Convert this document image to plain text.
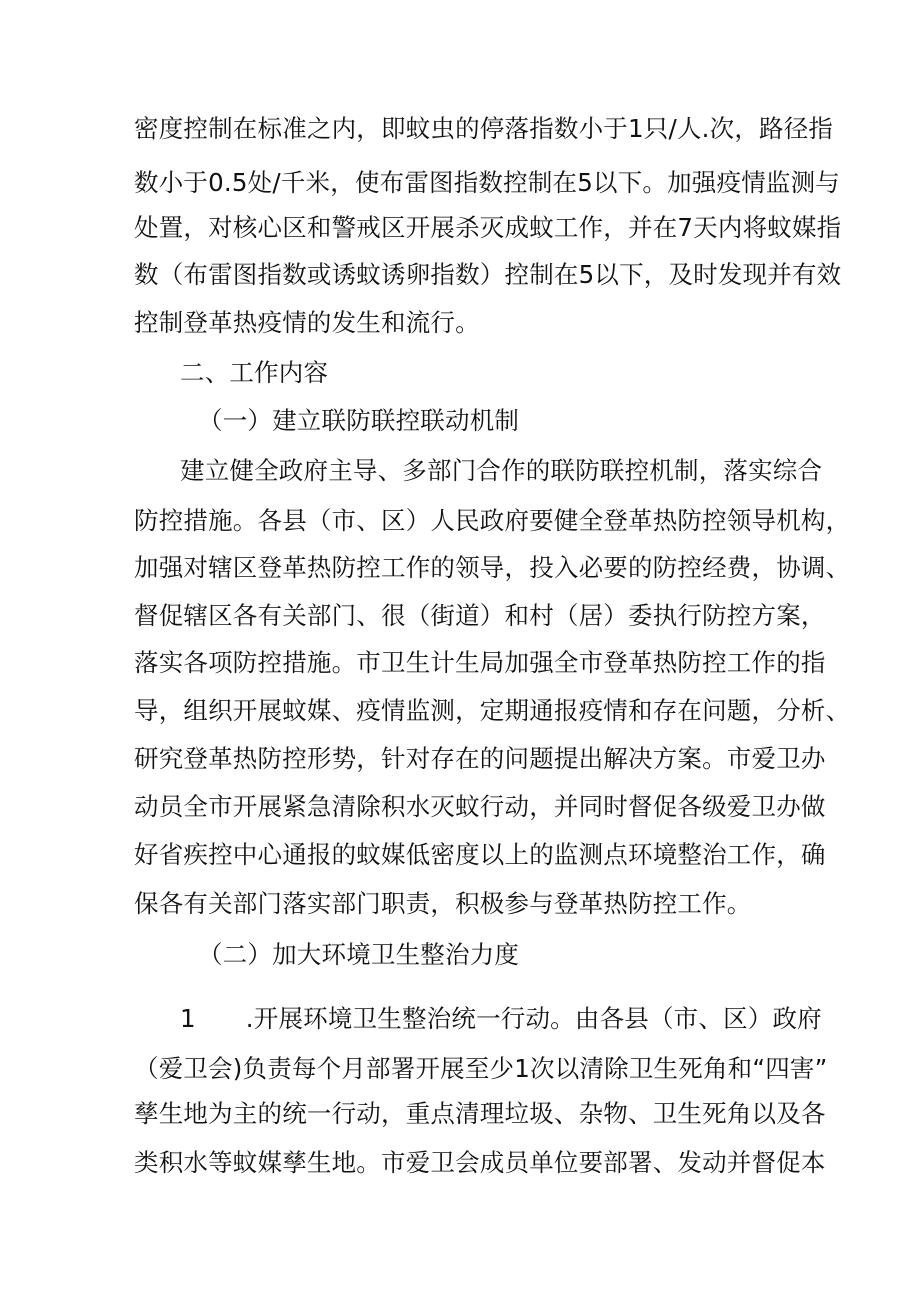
密度控制在标准之内，即蚊虫的停落指数小于1只/人.次，路径指
数小于0.5处/千米，使布雷图指数控制在5以下。加强疫情监测与
处置，对核心区和警戒区开展杀灭成蚊工作，并在7天内将蚊媒指
数（布雷图指数或诱蚊诱卵指数）控制在5以下，及时发现并有效
控制登革热疫情的发生和流行。
二、工作内容
（一）建立联防联控联动机制
建立健全政府主导、多部门合作的联防联控机制，落实综合
防控措施。各县（市、区）人民政府要健全登革热防控领导机构，
加强对辖区登革热防控工作的领导，投入必要的防控经费，协调、
督促辖区各有关部门、很（街道）和村（居）委执行防控方案，
落实各项防控措施。市卫生计生局加强全市登革热防控工作的指
导，组织开展蚊媒、疫情监测，定期通报疫情和存在问题，分析、
研究登革热防控形势，针对存在的问题提出解决方案。市爱卫办
动员全市开展紧急清除积水灭蚊行动，并同时督促各级爱卫办做
好省疾控中心通报的蚊媒低密度以上的监测点环境整治工作，确
保各有关部门落实部门职责，积极参与登革热防控工作。
（二）加大环境卫生整治力度
1 .开展环境卫生整治统一行动。由各县（市、区）政府
（爱卫会)负责每个月部署开展至少1次以清除卫生死角和“四害”
孳生地为主的统一行动，重点清理垃圾、杂物、卫生死角以及各
类积水等蚊媒孳生地。市爱卫会成员单位要部署、发动并督促本
